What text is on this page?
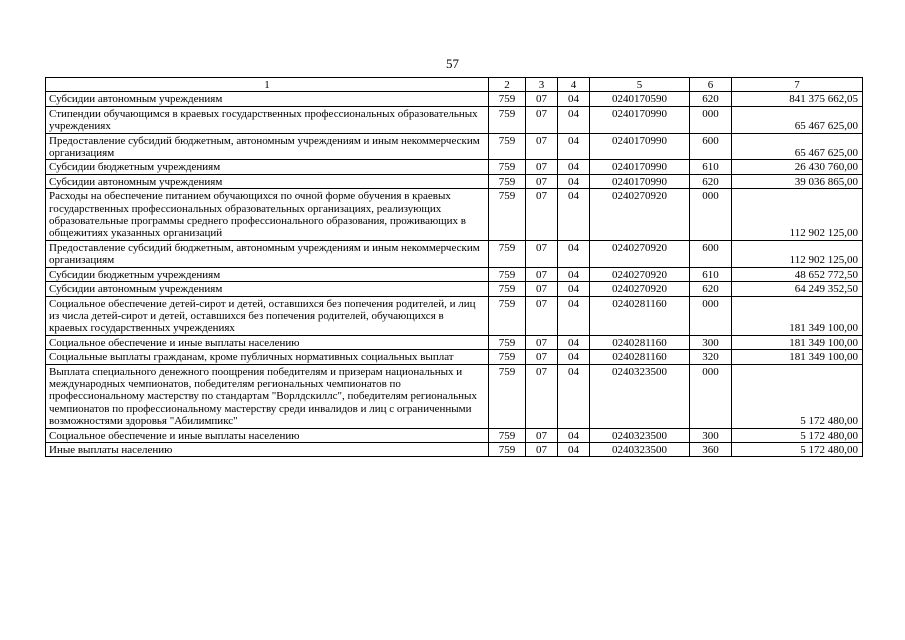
57
1	2	3	4	5	6	7
Субсидии автономным учреждениям	759	07	04	0240170590	620	841 375 662,05
Стипендии обучающимся в краевых государственных профессиональных образовательных учреждениях	759	07	04	0240170990	000	65 467 625,00
Предоставление субсидий бюджетным, автономным учреждениям и иным некоммерческим организациям	759	07	04	0240170990	600	65 467 625,00
Субсидии бюджетным учреждениям	759	07	04	0240170990	610	26 430 760,00
Субсидии автономным учреждениям	759	07	04	0240170990	620	39 036 865,00
Расходы на обеспечение питанием обучающихся по очной форме обучения в краевых государственных профессиональных образовательных организациях, реализующих образовательные программы среднего профессионального образования, проживающих в общежитиях указанных организаций	759	07	04	0240270920	000	112 902 125,00
Предоставление субсидий бюджетным, автономным учреждениям и иным некоммерческим организациям	759	07	04	0240270920	600	112 902 125,00
Субсидии бюджетным учреждениям	759	07	04	0240270920	610	48 652 772,50
Субсидии автономным учреждениям	759	07	04	0240270920	620	64 249 352,50
Социальное обеспечение детей-сирот и детей, оставшихся без попечения родителей, и лиц из числа детей-сирот и детей, оставшихся без попечения родителей, обучающихся в краевых государственных учреждениях	759	07	04	0240281160	000	181 349 100,00
Социальное обеспечение и иные выплаты населению	759	07	04	0240281160	300	181 349 100,00
Социальные выплаты гражданам, кроме публичных нормативных социальных выплат	759	07	04	0240281160	320	181 349 100,00
Выплата специального денежного поощрения победителям и призерам национальных и международных чемпионатов, победителям региональных чемпионатов по профессиональному мастерству по стандартам "Ворлдскиллс", победителям региональных чемпионатов по профессиональному мастерству среди инвалидов и лиц с ограниченными возможностями здоровья "Абилимпикс"	759	07	04	0240323500	000	5 172 480,00
Социальное обеспечение и иные выплаты населению	759	07	04	0240323500	300	5 172 480,00
Иные выплаты населению	759	07	04	0240323500	360	5 172 480,00
